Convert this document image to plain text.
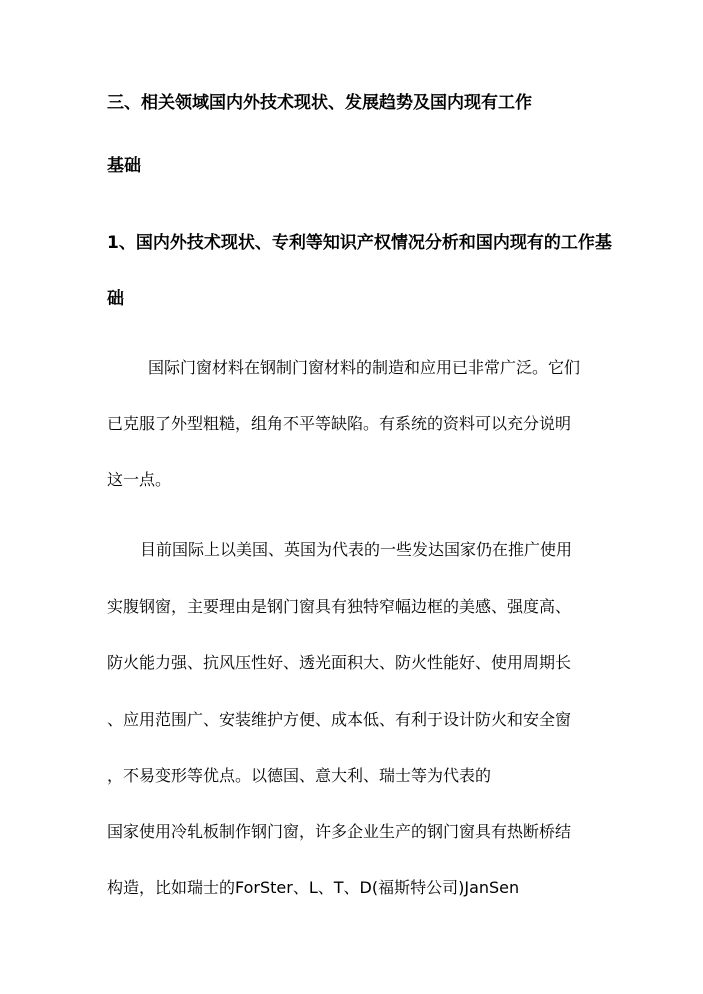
三、相关领域国内外技术现状、发展趋势及国内现有工作
基础
1、国内外技术现状、专利等知识产权情况分析和国内现有的工作基
础
国际门窗材料在钢制门窗材料的制造和应用已非常广泛。它们
已克服了外型粗糙，组角不平等缺陷。有系统的资料可以充分说明
这一点。
目前国际上以美国、英国为代表的一些发达国家仍在推广使用
实腹钢窗，主要理由是钢门窗具有独特窄幅边框的美感、强度高、
防火能力强、抗风压性好、透光面积大、防火性能好、使用周期长
、应用范围广、安装维护方便、成本低、有利于设计防火和安全窗
，不易变形等优点。以德国、意大利、瑞士等为代表的
国家使用冷轧板制作钢门窗，许多企业生产的钢门窗具有热断桥结
构造，比如瑞士的ForSter、L、T、D(福斯特公司)JanSen
